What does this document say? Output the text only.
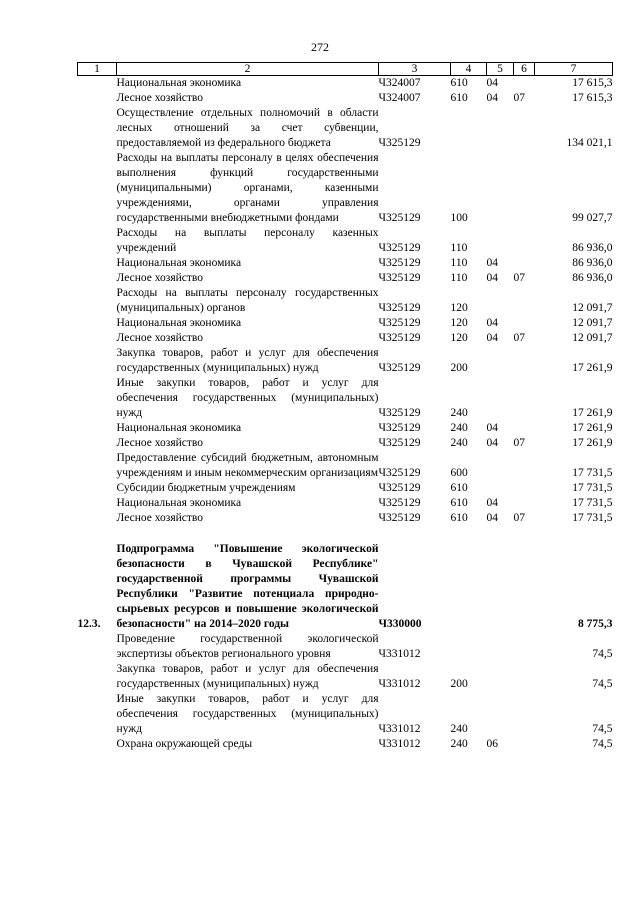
272
1	2	3	4	5	6	7
	Национальная экономика	Ч324007	610	04		17 615,3
	Лесное хозяйство	Ч324007	610	04	07	17 615,3
	Осуществление отдельных полномочий в области лесных отношений за счет субвенции, предоставляемой из федерального бюджета	Ч325129				134 021,1
	Расходы на выплаты персоналу в целях обеспечения выполнения функций государственными (муниципальными) органами, казенными учреждениями, органами управления государственными внебюджетными фондами	Ч325129	100			99 027,7
	Расходы на выплаты персоналу казенных учреждений	Ч325129	110			86 936,0
	Национальная экономика	Ч325129	110	04		86 936,0
	Лесное хозяйство	Ч325129	110	04	07	86 936,0
	Расходы на выплаты персоналу государственных (муниципальных) органов	Ч325129	120			12 091,7
	Национальная экономика	Ч325129	120	04		12 091,7
	Лесное хозяйство	Ч325129	120	04	07	12 091,7
	Закупка товаров, работ и услуг для обеспечения государственных (муниципальных) нужд	Ч325129	200			17 261,9
	Иные закупки товаров, работ и услуг для обеспечения государственных (муниципальных) нужд	Ч325129	240			17 261,9
	Национальная экономика	Ч325129	240	04		17 261,9
	Лесное хозяйство	Ч325129	240	04	07	17 261,9
	Предоставление субсидий бюджетным, автономным учреждениям и иным некоммерческим организациям	Ч325129	600			17 731,5
	Субсидии бюджетным учреждениям	Ч325129	610			17 731,5
	Национальная экономика	Ч325129	610	04		17 731,5
	Лесное хозяйство	Ч325129	610	04	07	17 731,5

12.3.	Подпрограмма "Повышение экологической безопасности в Чувашской Республике" государственной программы Чувашской Республики "Развитие потенциала природно-сырьевых ресурсов и повышение экологической безопасности" на 2014–2020 годы	Ч330000				8 775,3
	Проведение государственной экологической экспертизы объектов регионального уровня	Ч331012				74,5
	Закупка товаров, работ и услуг для обеспечения государственных (муниципальных) нужд	Ч331012	200			74,5
	Иные закупки товаров, работ и услуг для обеспечения государственных (муниципальных) нужд	Ч331012	240			74,5
	Охрана окружающей среды	Ч331012	240	06		74,5
